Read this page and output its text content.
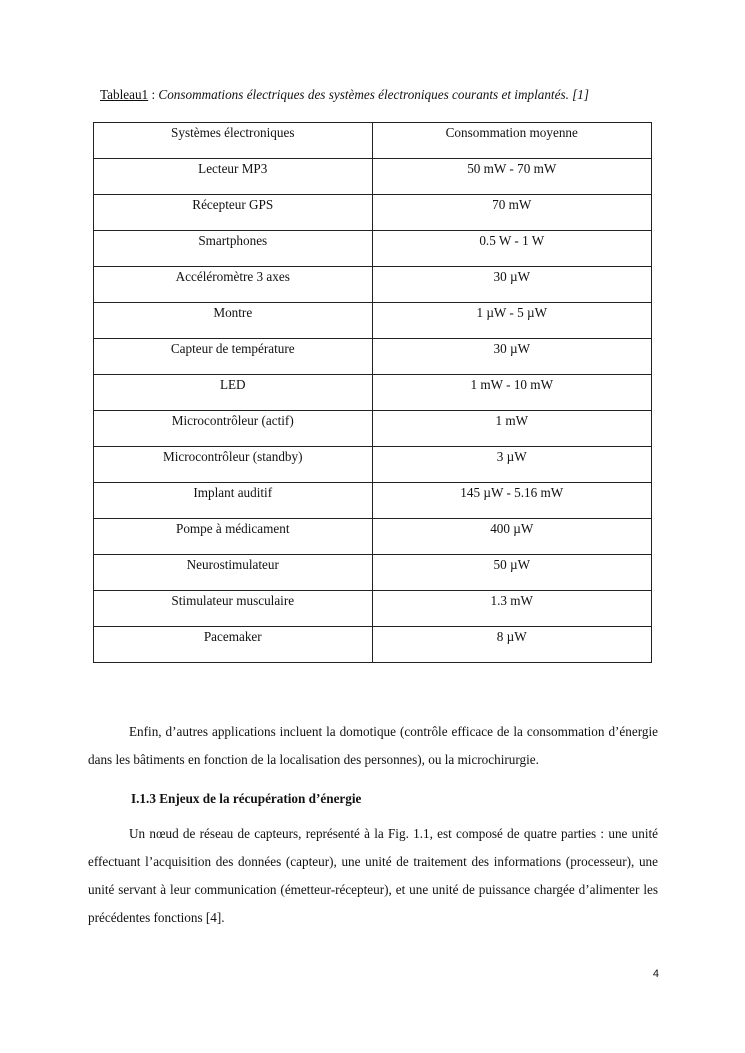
Tableau1 : Consommations électriques des systèmes électroniques courants et implantés. [1]
Systèmes électroniques	Consommation moyenne
Lecteur MP3	50 mW - 70 mW
Récepteur GPS	70 mW
Smartphones	0.5 W - 1 W
Accéléromètre 3 axes	30 µW
Montre	1 µW - 5 µW
Capteur de température	30 µW
LED	1 mW - 10 mW
Microcontrôleur (actif)	1 mW
Microcontrôleur (standby)	3 µW
Implant auditif	145 µW - 5.16 mW
Pompe à médicament	400 µW
Neurostimulateur	50 µW
Stimulateur musculaire	1.3 mW
Pacemaker	8 µW
Enfin, d’autres applications incluent la domotique (contrôle efficace de la consommation d’énergie dans les bâtiments en fonction de la localisation des personnes), ou la microchirurgie.
I.1.3 Enjeux de la récupération d’énergie
Un nœud de réseau de capteurs, représenté à la Fig. 1.1, est composé de quatre parties : une unité effectuant l’acquisition des données (capteur), une unité de traitement des informations (processeur), une unité servant à leur communication (émetteur-récepteur), et une unité de puissance chargée d’alimenter les précédentes fonctions [4].
4
